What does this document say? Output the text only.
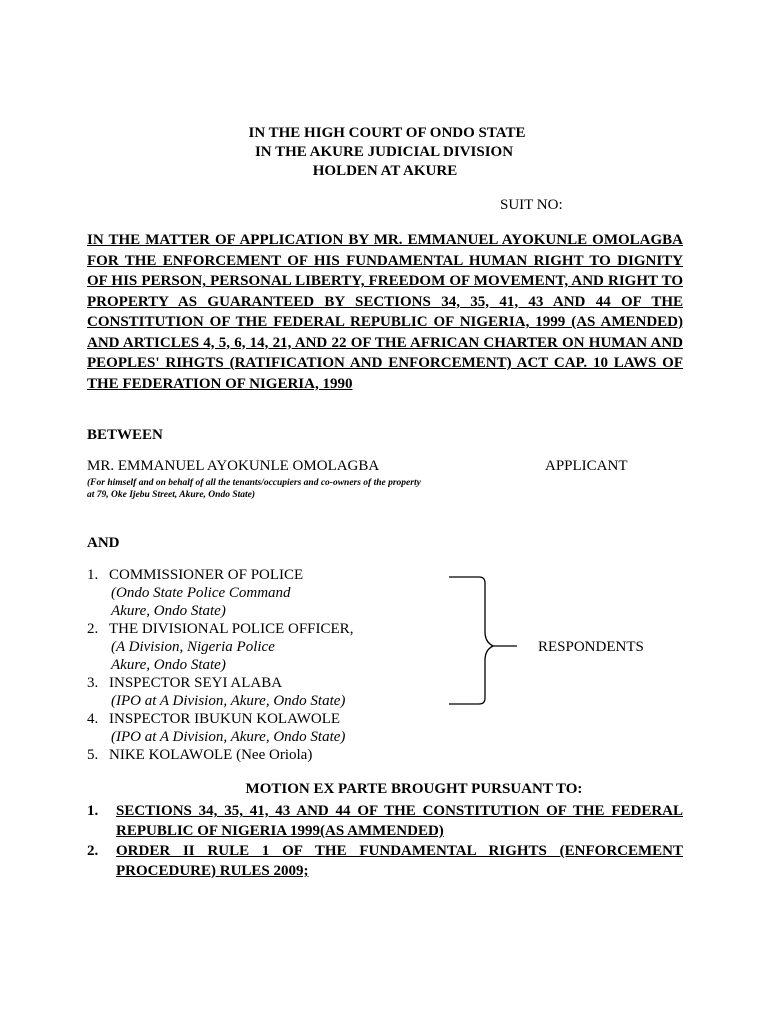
IN THE HIGH COURT OF ONDO STATE
IN THE AKURE JUDICIAL DIVISION
HOLDEN AT AKURE
SUIT NO:
IN THE MATTER OF APPLICATION BY MR. EMMANUEL AYOKUNLE OMOLAGBA FOR THE ENFORCEMENT OF HIS FUNDAMENTAL HUMAN RIGHT TO DIGNITY OF HIS PERSON, PERSONAL LIBERTY, FREEDOM OF MOVEMENT, AND RIGHT TO PROPERTY AS GUARANTEED BY SECTIONS 34, 35, 41, 43 AND 44 OF THE CONSTITUTION OF THE FEDERAL REPUBLIC OF NIGERIA, 1999 (AS AMENDED) AND ARTICLES 4, 5, 6, 14, 21, AND 22 OF THE AFRICAN CHARTER ON HUMAN AND PEOPLES' RIHGTS (RATIFICATION AND ENFORCEMENT) ACT CAP. 10 LAWS OF THE FEDERATION OF NIGERIA, 1990
BETWEEN
MR. EMMANUEL AYOKUNLE OMOLAGBA	APPLICANT
(For himself and on behalf of all the tenants/occupiers and co-owners of the property
at 79, Oke Ijebu Street, Akure, Ondo State)
AND
1. COMMISSIONER OF POLICE
(Ondo State Police Command
Akure, Ondo State)
2. THE DIVISIONAL POLICE OFFICER,
(A Division, Nigeria Police
Akure, Ondo State)
3. INSPECTOR SEYI ALABA
(IPO at A Division, Akure, Ondo State)
4. INSPECTOR IBUKUN KOLAWOLE
(IPO at A Division, Akure, Ondo State)
5. NIKE KOLAWOLE (Nee Oriola)
RESPONDENTS
MOTION EX PARTE BROUGHT PURSUANT TO:
1.	SECTIONS 34, 35, 41, 43 AND 44 OF THE CONSTITUTION OF THE FEDERAL REPUBLIC OF NIGERIA 1999(AS AMMENDED)
2.	ORDER II RULE 1 OF THE FUNDAMENTAL RIGHTS (ENFORCEMENT PROCEDURE) RULES 2009;
